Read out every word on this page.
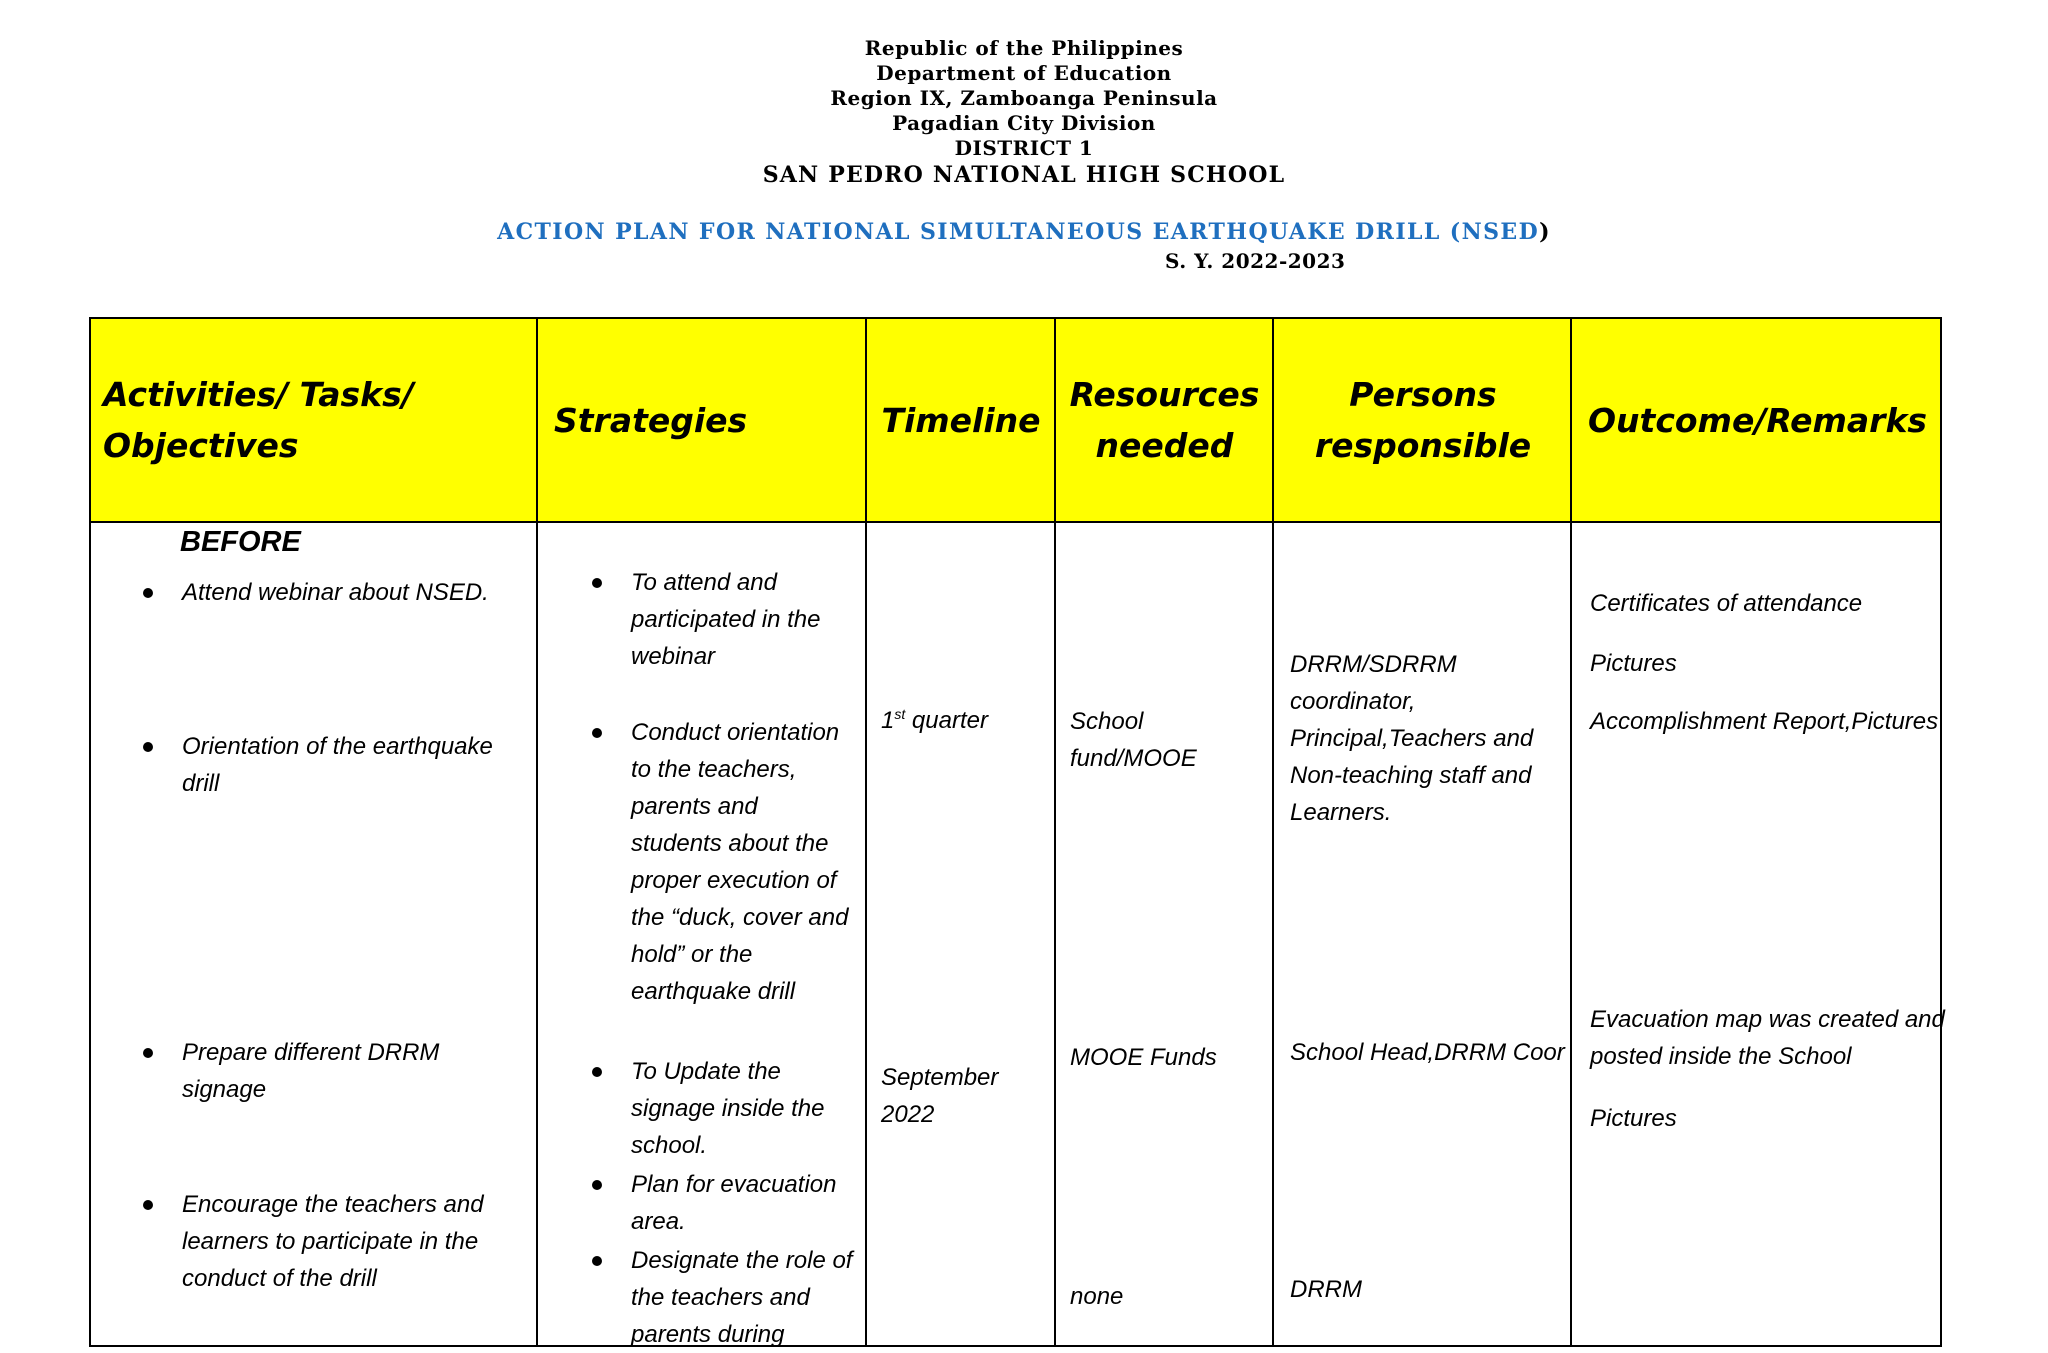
Republic of the Philippines
Department of Education
Region IX, Zamboanga Peninsula
Pagadian City Division
DISTRICT 1
SAN PEDRO NATIONAL HIGH SCHOOL
ACTION PLAN FOR NATIONAL SIMULTANEOUS EARTHQUAKE DRILL (NSED)
S. Y. 2022-2023
Activities/ Tasks/
Objectives
Strategies	Timeline
Resources
needed
Persons
responsible
Outcome/Remarks
BEFORE
Attend webinar about NSED.
Orientation of the earthquake
drill
Prepare different DRRM
signage
Encourage the teachers and
learners to participate in the
conduct of the drill
To attend and
participated in the
webinar
Conduct orientation
to the teachers,
parents and
students about the
proper execution of
the “duck, cover and
hold” or the
earthquake drill
To Update the
signage inside the
school.
Plan for evacuation
area.
Designate the role of
the teachers and
parents during
1st quarter
September
2022
School
fund/MOOE
MOOE Funds
none
DRRM/SDRRM
coordinator,
Principal,Teachers and
Non-teaching staff and
Learners.
School Head,DRRM Coor
DRRM
Certificates of attendance
Pictures
Accomplishment Report,Pictures
Evacuation map was created and
posted inside the School
Pictures
